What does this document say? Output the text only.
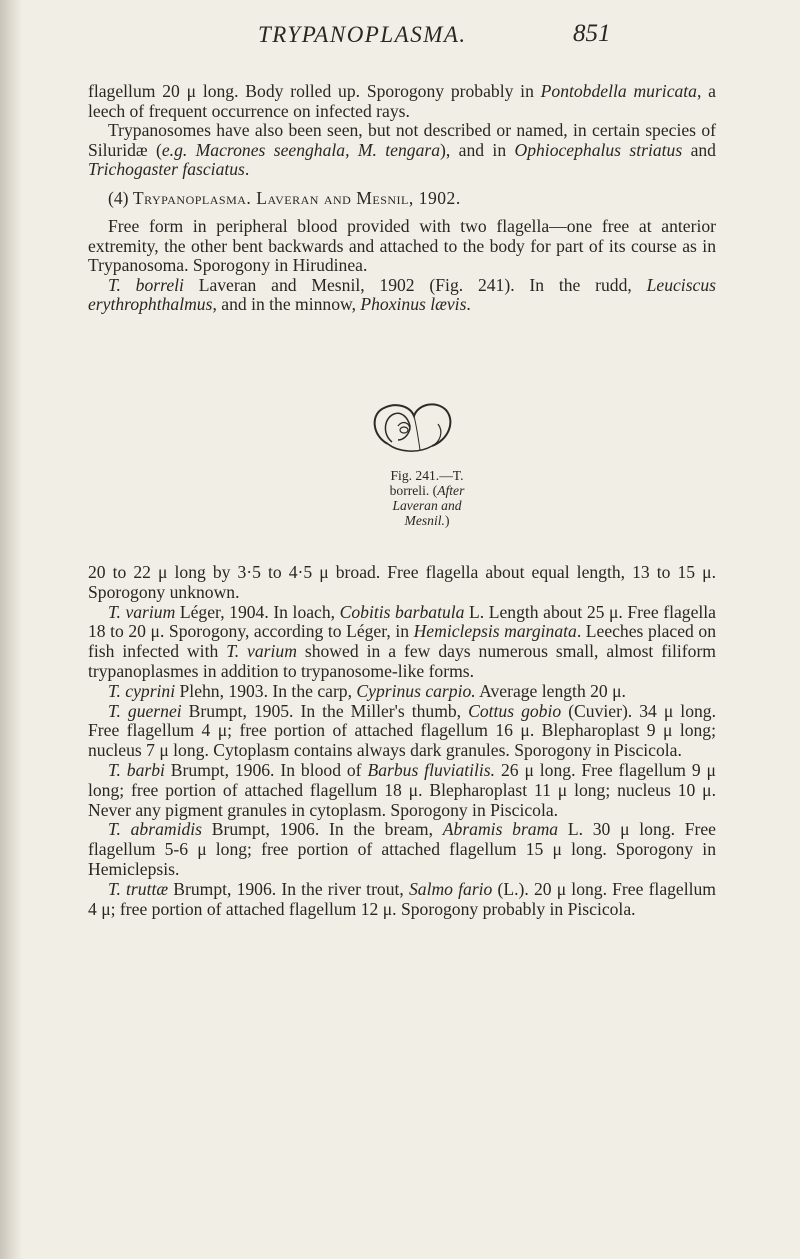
TRYPANOPLASMA.	851

flagellum 20 μ long. Body rolled up. Sporogony probably in Pontobdella muricata, a leech of frequent occurrence on infected rays.

Trypanosomes have also been seen, but not described or named, in certain species of Siluridæ (e.g. Macrones seenghala, M. tengara), and in Ophiocephalus striatus and Trichogaster fasciatus.

(4) Trypanoplasma. Laveran and Mesnil, 1902.

Free form in peripheral blood provided with two flagella—one free at anterior extremity, the other bent backwards and attached to the body for part of its course as in Trypanosoma. Sporogony in Hirudinea.

T. borreli Laveran and Mesnil, 1902 (Fig. 241). In the rudd, Leuciscus erythrophthalmus, and in the minnow, Phoxinus lævis.

Fig. 241.—T. borreli. (After Laveran and Mesnil.)

20 to 22 μ long by 3·5 to 4·5 μ broad. Free flagella about equal length, 13 to 15 μ. Sporogony unknown.

T. varium Léger, 1904. In loach, Cobitis barbatula L. Length about 25 μ. Free flagella 18 to 20 μ. Sporogony, according to Léger, in Hemiclepsis marginata. Leeches placed on fish infected with T. varium showed in a few days numerous small, almost filiform trypanoplasmes in addition to trypanosome-like forms.

T. cyprini Plehn, 1903. In the carp, Cyprinus carpio. Average length 20 μ.

T. guernei Brumpt, 1905. In the Miller's thumb, Cottus gobio (Cuvier). 34 μ long. Free flagellum 4 μ; free portion of attached flagellum 16 μ. Blepharoplast 9 μ long; nucleus 7 μ long. Cytoplasm contains always dark granules. Sporogony in Piscicola.

T. barbi Brumpt, 1906. In blood of Barbus fluviatilis. 26 μ long. Free flagellum 9 μ long; free portion of attached flagellum 18 μ. Blepharoplast 11 μ long; nucleus 10 μ. Never any pigment granules in cytoplasm. Sporogony in Piscicola.

T. abramidis Brumpt, 1906. In the bream, Abramis brama L. 30 μ long. Free flagellum 5-6 μ long; free portion of attached flagellum 15 μ long. Sporogony in Hemiclepsis.

T. truttæ Brumpt, 1906. In the river trout, Salmo fario (L.). 20 μ long. Free flagellum 4 μ; free portion of attached flagellum 12 μ. Sporogony probably in Piscicola.
